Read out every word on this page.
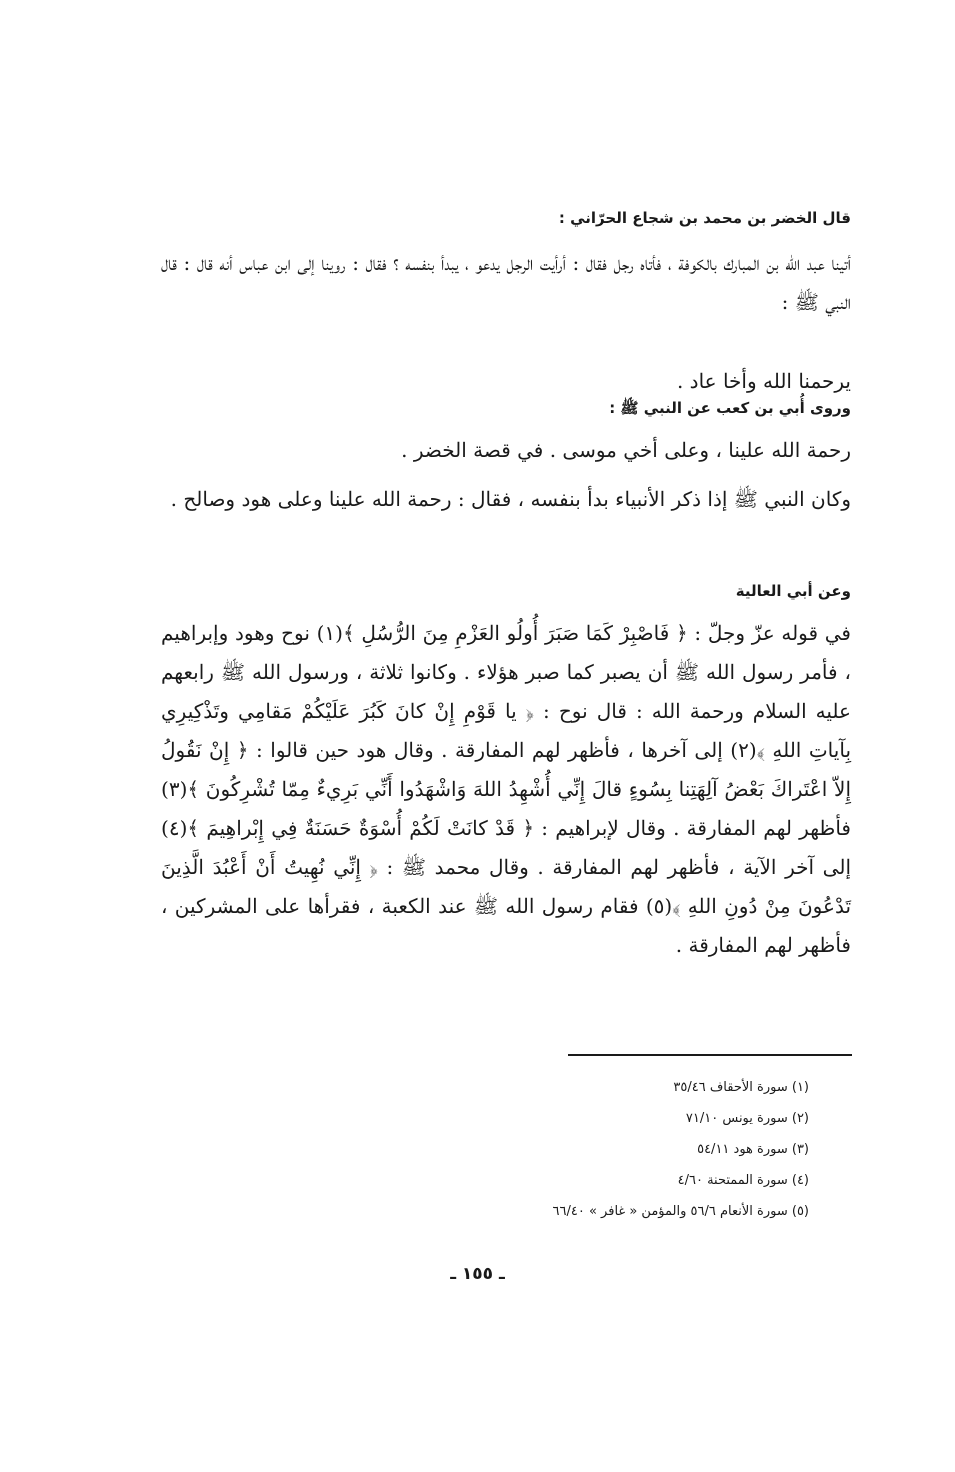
قال الخضر بن محمد بن شجاع الحرّاني :

أتينا عبد الله بن المبارك بالكوفة ، فأتاه رجل فقال : أرأيت الرجل يدعو ، يبدأ بنفسه ؟ فقال : روينا إلى ابن عباس أنه قال : قال النبي ﷺ :

يرحمنا الله وأخا عاد .

وروى أُبي بن كعب عن النبي ﷺ :

رحمة الله علينا ، وعلى أخي موسى . في قصة الخضر .

وكان النبي ﷺ إذا ذكر الأنبياء بدأ بنفسه ، فقال : رحمة الله علينا وعلى هود وصالح .

وعن أبي العالية

في قوله عزّ وجلّ : ﴿ فَاصْبِرْ كَمَا صَبَرَ أُولُو العَزْمِ مِنَ الرُّسُلِ ﴾(١) نوح وهود وإبراهيم ، فأمر رسول الله ﷺ أن يصبر كما صبر هؤلاء . وكانوا ثلاثة ، ورسول الله ﷺ رابعهم عليه السلام ورحمة الله : قال نوح : ﴿ يا قَوْمِ إِنْ كانَ كَبُرَ عَلَيْكُمْ مَقامِي وتَذْكِيرِي بِآياتِ اللهِ ﴾(٢) إلى آخرها ، فأظهر لهم المفارقة . وقال هود حين قالوا : ﴿ إِنْ نَقُولُ إِلاّ اعْتَراكَ بَعْضُ آلِهَتِنا بِسُوءٍ قالَ إِنِّي أُشْهِدُ اللهَ وَاشْهَدُوا أَنِّي بَرِيءٌ مِمّا تُشْرِكُونَ ﴾(٣) فأظهر لهم المفارقة . وقال لإبراهيم : ﴿ قَدْ كانَتْ لَكُمْ أُسْوَةٌ حَسَنَةٌ فِي إِبْراهِيمَ ﴾(٤) إلى آخر الآية ، فأظهر لهم المفارقة . وقال محمد ﷺ : ﴿ إِنِّي نُهِيتُ أَنْ أَعْبُدَ الَّذِينَ تَدْعُونَ مِنْ دُونِ اللهِ ﴾(٥) فقام رسول الله ﷺ عند الكعبة ، فقرأها على المشركين ، فأظهر لهم المفارقة .

(١) سورة الأحقاف ٣٥/٤٦
(٢) سورة يونس ٧١/١٠
(٣) سورة هود ٥٤/١١
(٤) سورة الممتحنة ٤/٦٠
(٥) سورة الأنعام ٥٦/٦ والمؤمن « غافر » ٦٦/٤٠
ـ ١٥٥ ـ
